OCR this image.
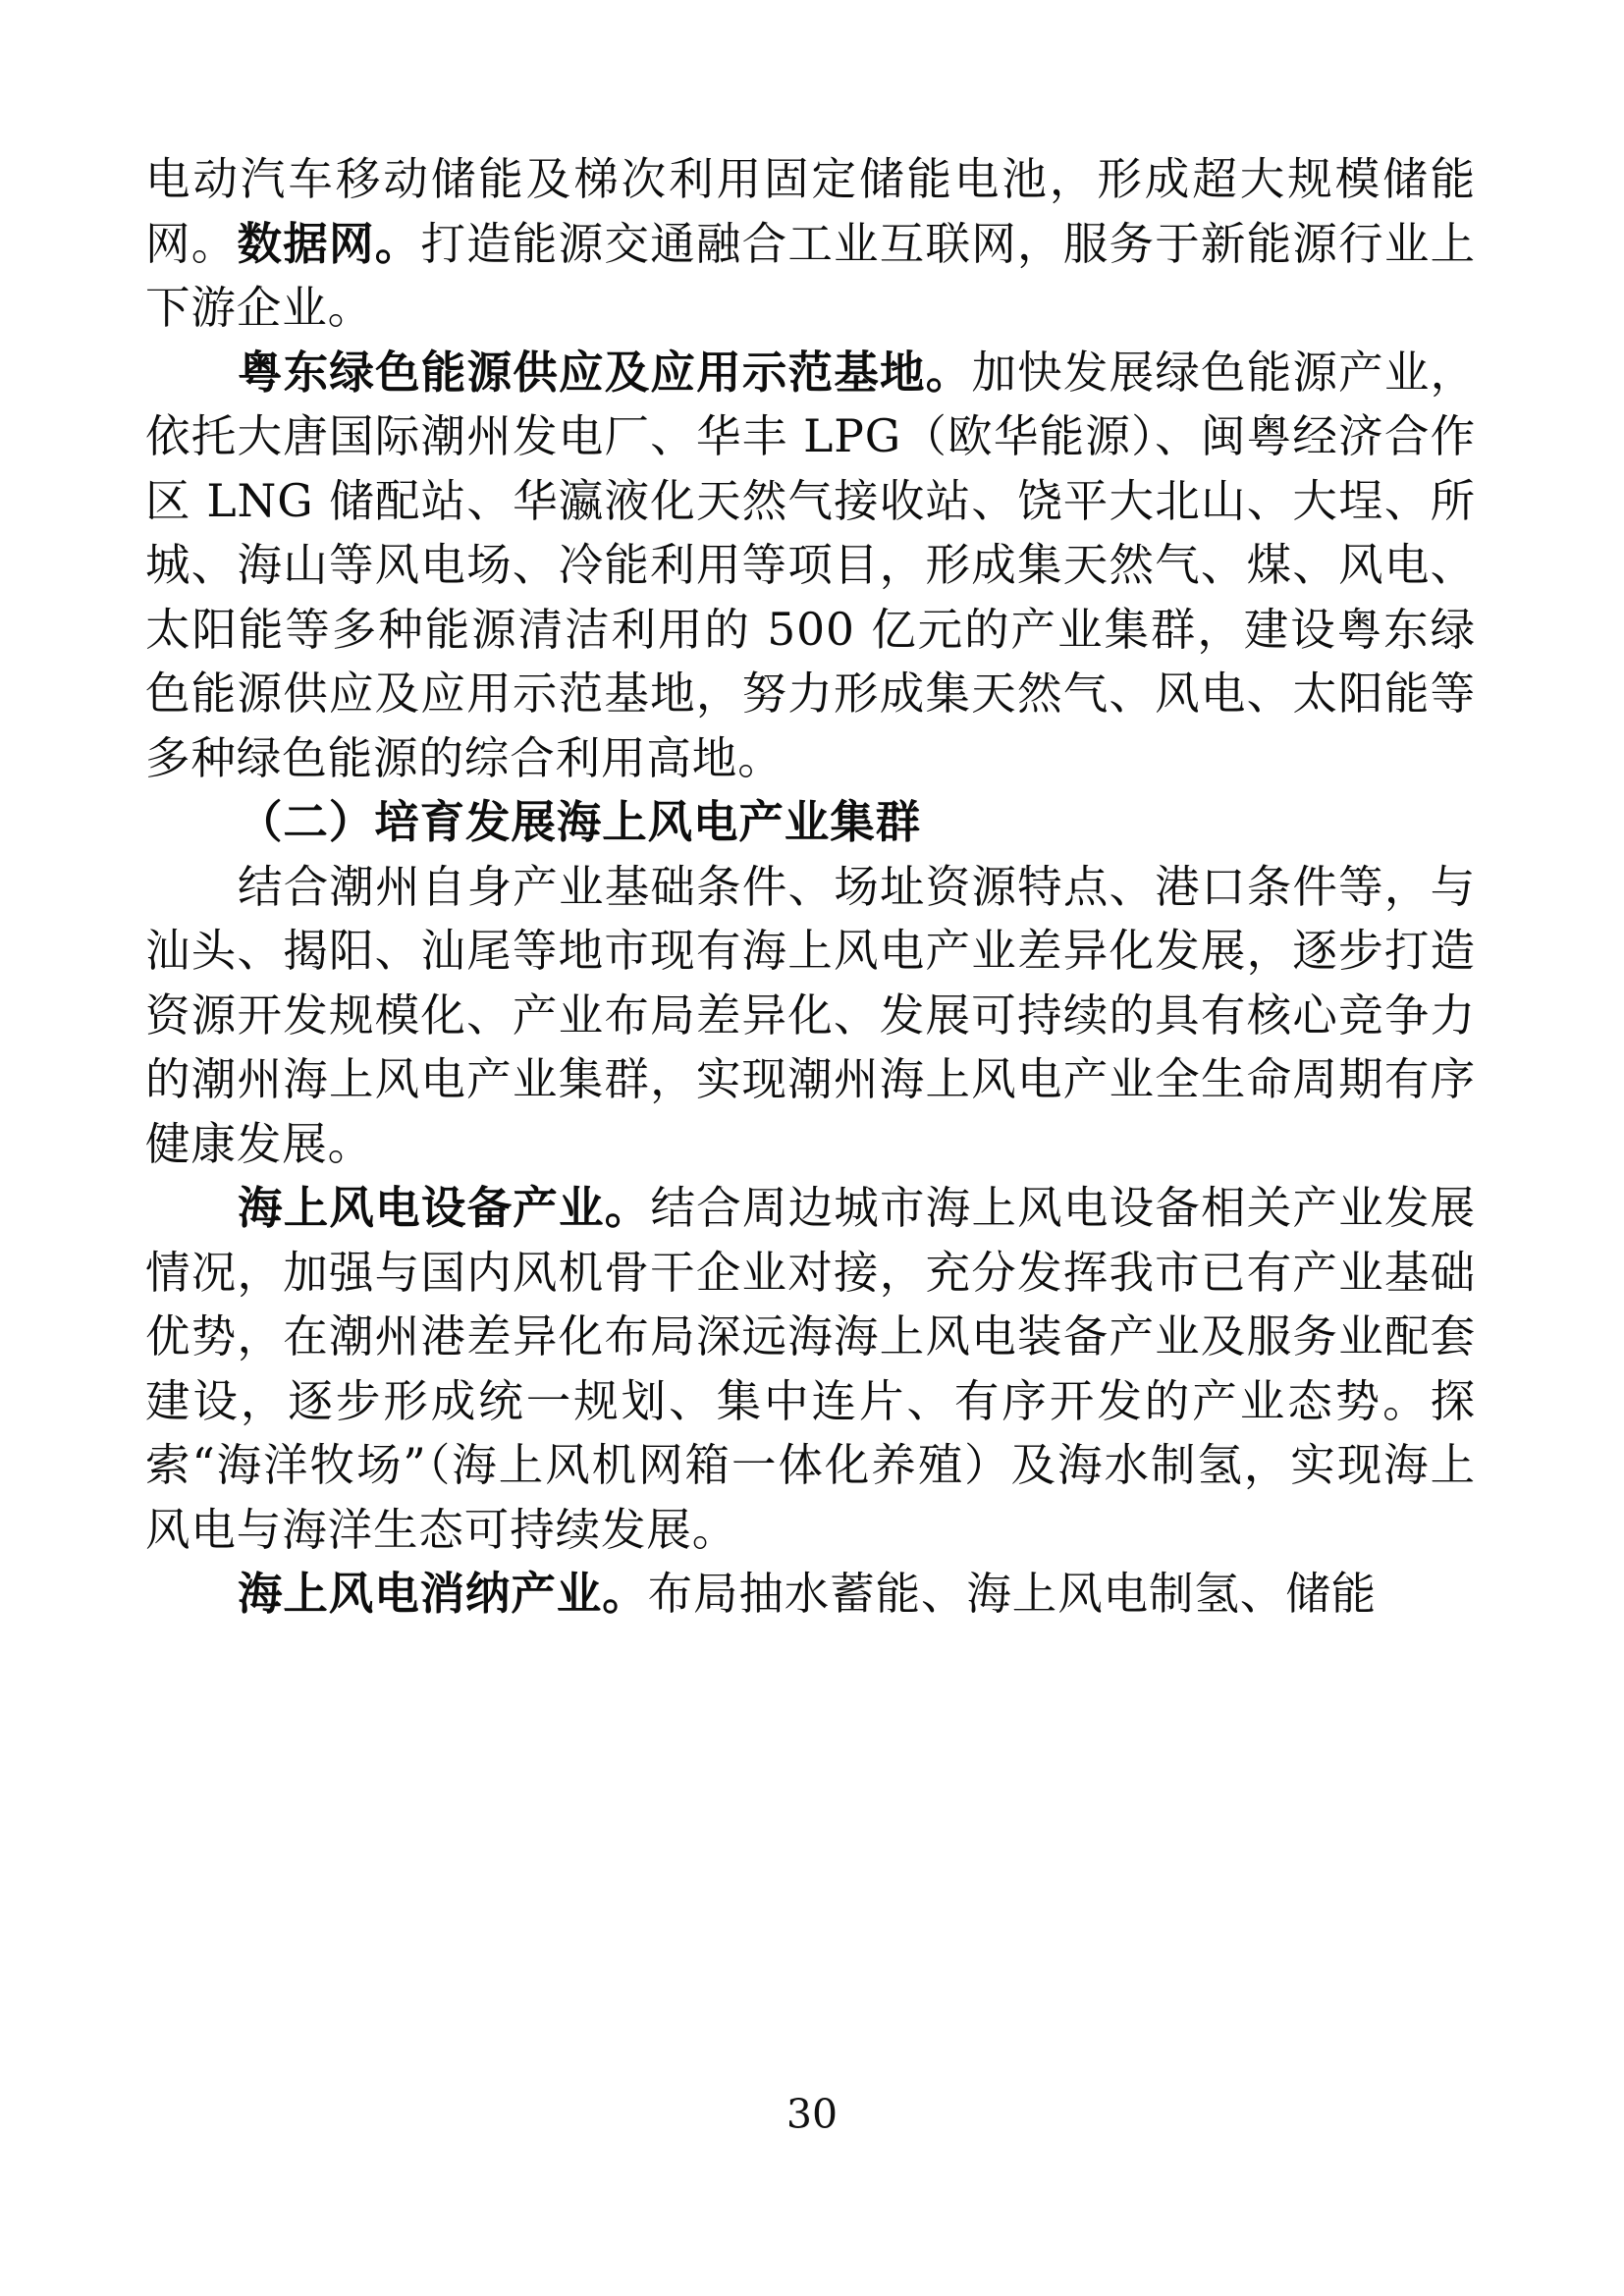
电动汽车移动储能及梯次利用固定储能电池，形成超大规模储能网。数据网。打造能源交通融合工业互联网，服务于新能源行业上下游企业。

粤东绿色能源供应及应用示范基地。加快发展绿色能源产业，依托大唐国际潮州发电厂、华丰 LPG（欧华能源）、闽粤经济合作区 LNG 储配站、华瀛液化天然气接收站、饶平大北山、大埕、所城、海山等风电场、冷能利用等项目，形成集天然气、煤、风电、太阳能等多种能源清洁利用的 500 亿元的产业集群，建设粤东绿色能源供应及应用示范基地，努力形成集天然气、风电、太阳能等多种绿色能源的综合利用高地。

（二）培育发展海上风电产业集群

结合潮州自身产业基础条件、场址资源特点、港口条件等，与汕头、揭阳、汕尾等地市现有海上风电产业差异化发展，逐步打造资源开发规模化、产业布局差异化、发展可持续的具有核心竞争力的潮州海上风电产业集群，实现潮州海上风电产业全生命周期有序健康发展。

海上风电设备产业。结合周边城市海上风电设备相关产业发展情况，加强与国内风机骨干企业对接，充分发挥我市已有产业基础优势，在潮州港差异化布局深远海海上风电装备产业及服务业配套建设，逐步形成统一规划、集中连片、有序开发的产业态势。探索“海洋牧场”（海上风机网箱一体化养殖）及海水制氢，实现海上风电与海洋生态可持续发展。

海上风电消纳产业。布局抽水蓄能、海上风电制氢、储能

30
